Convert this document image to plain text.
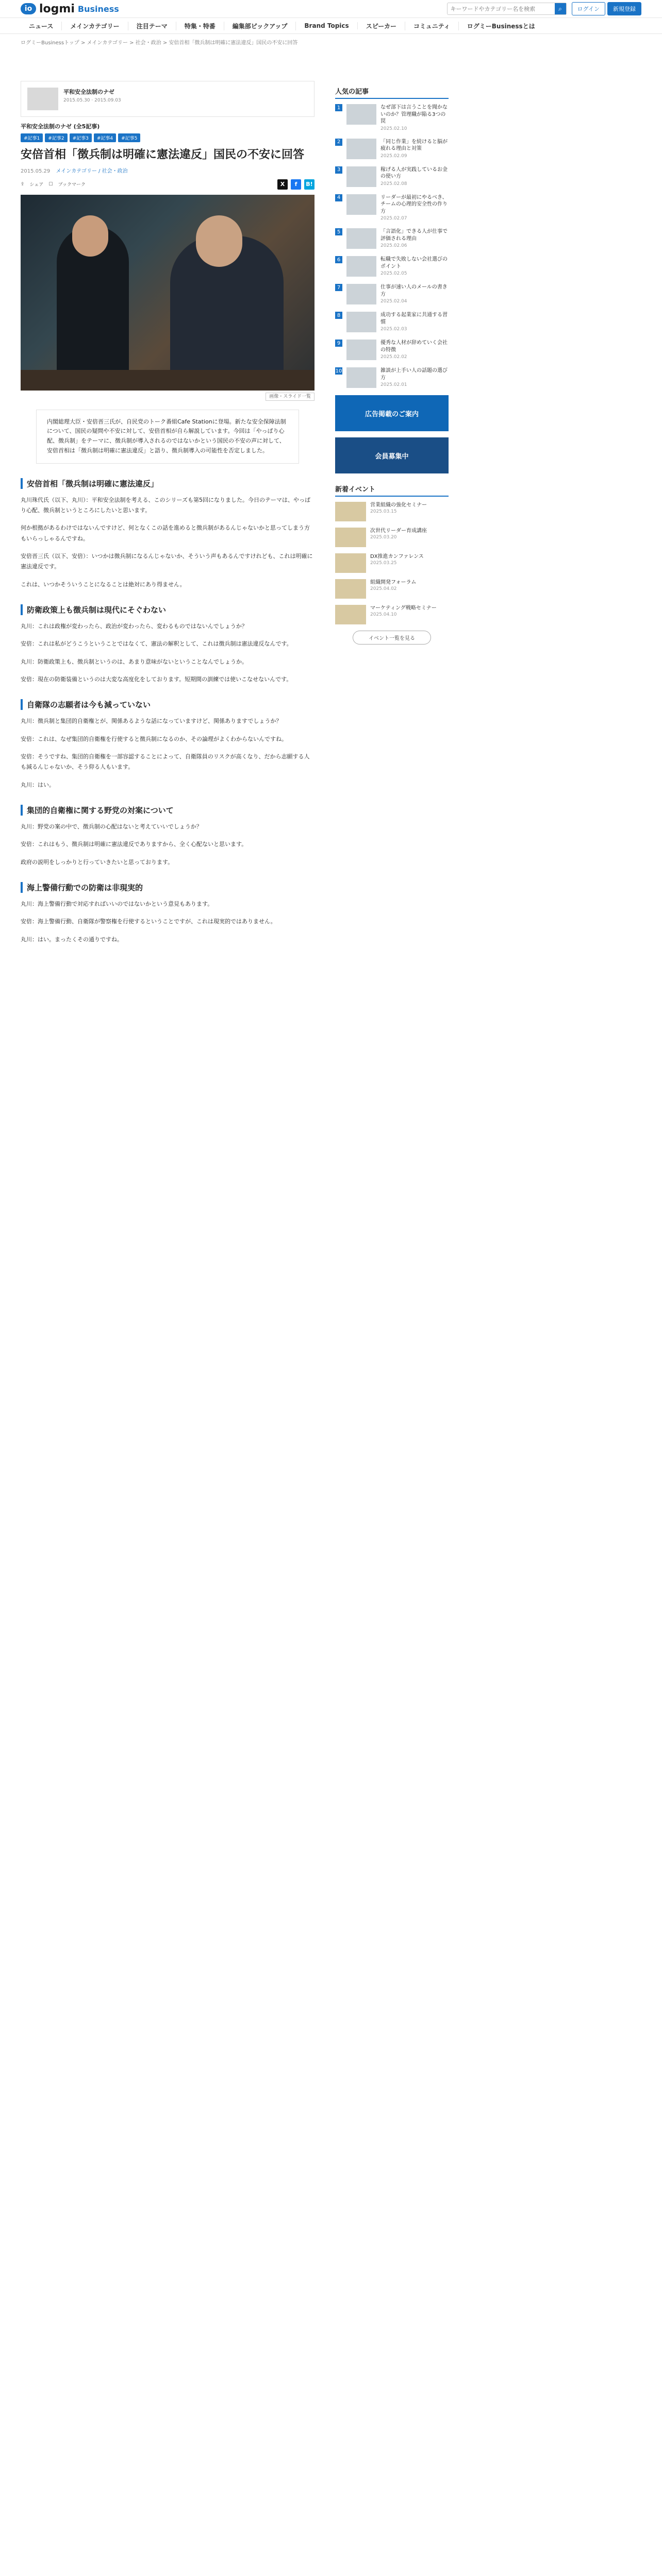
io logmi Business
キーワードやカテゴリー名を検索	⌕	ログイン	新規登録
ニュース	メインカテゴリー	注目テーマ	特集・特番	編集部ピックアップ	Brand Topics	スピーカー	コミュニティ	ログミーBusinessとは
ログミーBusinessトップ > メインカテゴリー > 社会・政治 > 安倍首相「徴兵制は明確に憲法違反」国民の不安に回答
平和安全法制のナゼ
2015.05.30 · 2015.09.03
平和安全法制のナゼ (全5記事)
#記事1	#記事2	#記事3	#記事4	#記事5
安倍首相「徴兵制は明確に憲法違反」国民の不安に回答
2015.05.29 メインカテゴリー / 社会・政治
⇪ シェア ☐ ブックマーク	X	f	B!
画像・スライド一覧
内閣総理大臣・安倍晋三氏が、自民党のトーク番組Cafe Stationに登場。新たな安全保障法制について、国民の疑問や不安に対して、安倍首相が自ら解説しています。今回は「やっぱり心配、徴兵制」をテーマに、徴兵制が導入されるのではないかという国民の不安の声に対して、安倍首相は「徴兵制は明確に憲法違反」と語り、徴兵制導入の可能性を否定しました。
安倍首相「徴兵制は明確に憲法違反」

丸川珠代氏（以下、丸川）：平和安全法制を考える、このシリーズも第5回になりました。今日のテーマは、やっぱり心配、徴兵制というところにしたいと思います。

何か根拠があるわけではないんですけど、何となくこの話を進めると徴兵制があるんじゃないかと思ってしまう方もいらっしゃるんですね。

安倍晋三氏（以下、安倍）：いつかは徴兵制になるんじゃないか、そういう声もあるんですけれども、これは明確に憲法違反です。

これは、いつかそういうことになることは絶対にあり得ません。

防衛政策上も徴兵制は現代にそぐわない

丸川：これは政権が変わったら、政治が変わったら、変わるものではないんでしょうか？

安倍：これは私がどうこうということではなくて、憲法の解釈として、これは徴兵制は憲法違反なんです。

丸川：防衛政策上も、徴兵制というのは、あまり意味がないということなんでしょうか。

安倍：現在の防衛装備というのは大変な高度化をしております。短期間の訓練では使いこなせないんです。

自衛隊の志願者は今も減っていない

丸川：徴兵制と集団的自衛権とが、関係あるような話になっていますけど、関係ありますでしょうか？

安倍：これは、なぜ集団的自衛権を行使すると徴兵制になるのか、その論理がよくわからないんですね。

安倍：そうですね、集団的自衛権を一部容認することによって、自衛隊員のリスクが高くなり、だから志願する人も減るんじゃないか、そう仰る人もいます。

丸川：はい。

集団的自衛権に関する野党の対案について

丸川：野党の案の中で、徴兵制の心配はないと考えていいでしょうか？

安倍：これはもう、徴兵制は明確に憲法違反でありますから、全く心配ないと思います。

政府の説明をしっかりと行っていきたいと思っております。

海上警備行動での防衛は非現実的

丸川：海上警備行動で対応すればいいのではないかという意見もあります。

安倍：海上警備行動、自衛隊が警察権を行使するということですが、これは現実的ではありません。

丸川：はい。まったくその通りですね。

人気の記事
1	なぜ部下は言うことを聞かないのか？管理職が陥る3つの罠
2025.02.10
2	「同じ作業」を続けると脳が疲れる理由と対策
2025.02.09
3	稼げる人が実践しているお金の使い方
2025.02.08
4	リーダーが最初にやるべき、チームの心理的安全性の作り方
2025.02.07
5	「言語化」できる人が仕事で評価される理由
2025.02.06
6	転職で失敗しない会社選びのポイント
2025.02.05
7	仕事が速い人のメールの書き方
2025.02.04
8	成功する起業家に共通する習慣
2025.02.03
9	優秀な人材が辞めていく会社の特徴
2025.02.02
10	雑談が上手い人の話題の選び方
2025.02.01
広告掲載のご案内
会員募集中
新着イベント
営業組織の強化セミナー
2025.03.15
次世代リーダー育成講座
2025.03.20
DX推進カンファレンス
2025.03.25
組織開発フォーラム
2025.04.02
マーケティング戦略セミナー
2025.04.10
イベント一覧を見る
